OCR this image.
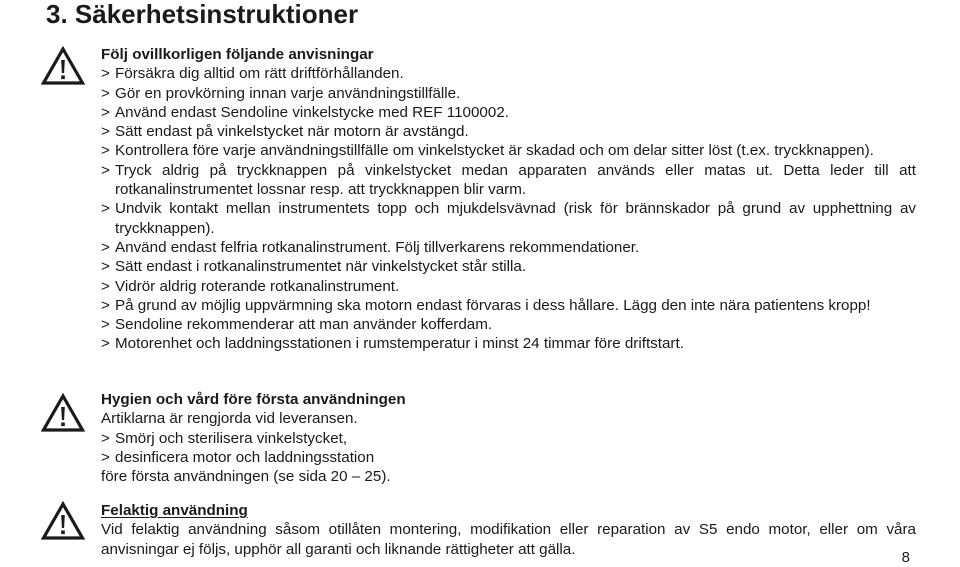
3. Säkerhetsinstruktioner

Följ ovillkorligen följande anvisningar

> Försäkra dig alltid om rätt driftförhållanden.
> Gör en provkörning innan varje användningstillfälle.
> Använd endast Sendoline vinkelstycke med REF 1100002.
> Sätt endast på vinkelstycket när motorn är avstängd.
> Kontrollera före varje användningstillfälle om vinkelstycket är skadad och om delar sitter löst (t.ex. tryckknappen).
> Tryck aldrig på tryckknappen på vinkelstycket medan apparaten används eller matas ut. Detta leder till att rotkanalinstrumentet lossnar resp. att tryckknappen blir varm.
> Undvik kontakt mellan instrumentets topp och mjukdelsvävnad (risk för brännskador på grund av upphettning av tryckknappen).
> Använd endast felfria rotkanalinstrument. Följ tillverkarens rekommendationer.
> Sätt endast i rotkanalinstrumentet när vinkelstycket står stilla.
> Vidrör aldrig roterande rotkanalinstrument.
> På grund av möjlig uppvärmning ska motorn endast förvaras i dess hållare. Lägg den inte nära patientens kropp!
> Sendoline rekommenderar att man använder kofferdam.
> Motorenhet och laddningsstationen i rumstemperatur i minst 24 timmar före driftstart.

Hygien och vård före första användningen

Artiklarna är rengjorda vid leveransen.

> Smörj och sterilisera vinkelstycket,
> desinficera motor och laddningsstation

före första användningen (se sida 20 – 25).

Felaktig användning

Vid felaktig användning såsom otillåten montering, modifikation eller reparation av S5 endo motor, eller om våra anvisningar ej följs, upphör all garanti och liknande rättigheter att gälla.	8
